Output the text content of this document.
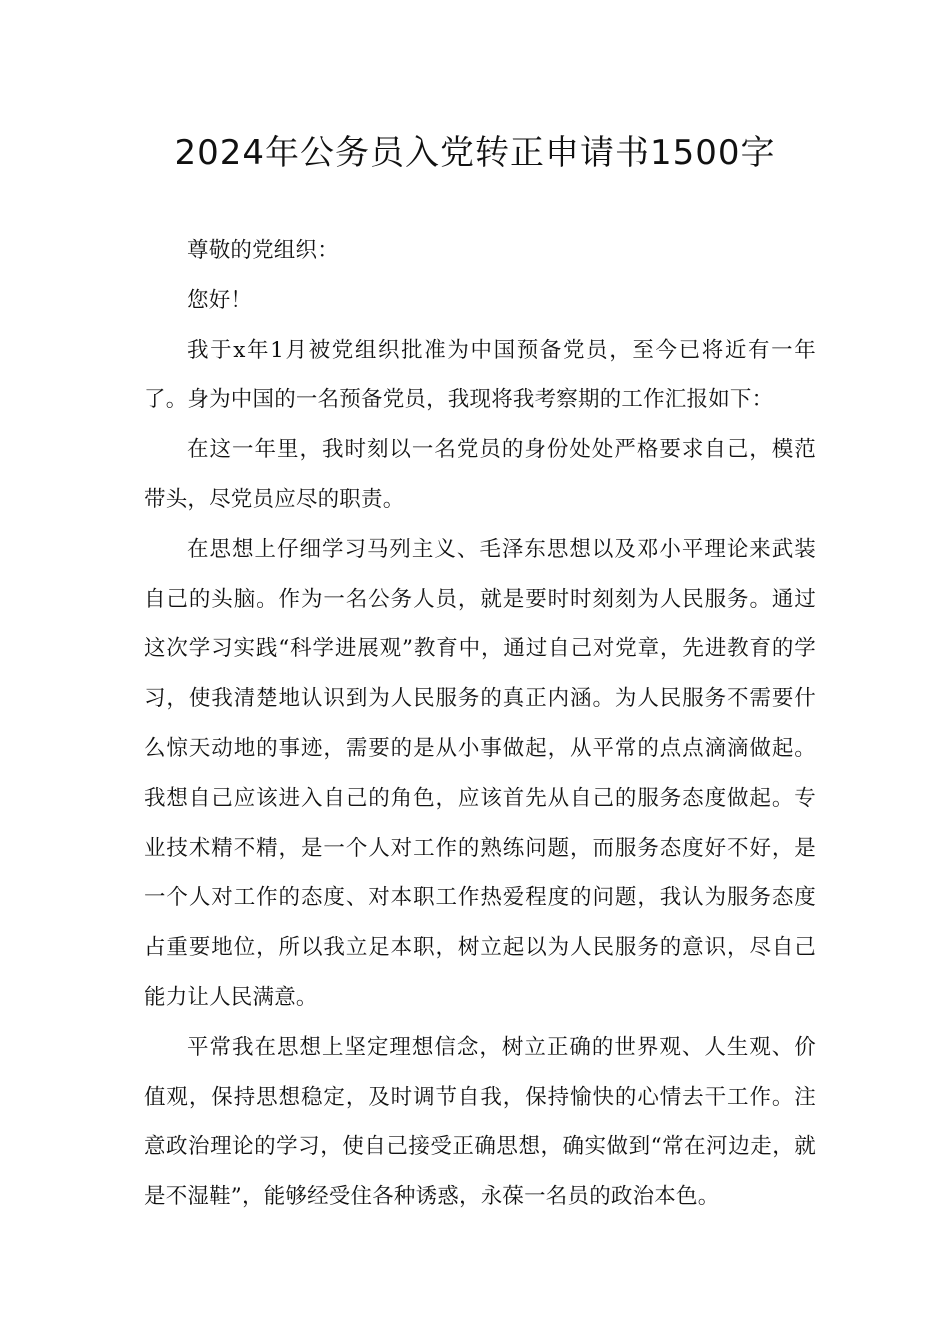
2024年公务员入党转正申请书1500字

尊敬的党组织：

您好！

我于x年1月被党组织批准为中国预备党员，至今已将近有一年了。身为中国的一名预备党员，我现将我考察期的工作汇报如下：

在这一年里，我时刻以一名党员的身份处处严格要求自己，模范带头，尽党员应尽的职责。

在思想上仔细学习马列主义、毛泽东思想以及邓小平理论来武装自己的头脑。作为一名公务人员，就是要时时刻刻为人民服务。通过这次学习实践“科学进展观”教育中，通过自己对党章，先进教育的学习，使我清楚地认识到为人民服务的真正内涵。为人民服务不需要什么惊天动地的事迹，需要的是从小事做起，从平常的点点滴滴做起。我想自己应该进入自己的角色，应该首先从自己的服务态度做起。专业技术精不精，是一个人对工作的熟练问题，而服务态度好不好，是一个人对工作的态度、对本职工作热爱程度的问题，我认为服务态度占重要地位，所以我立足本职，树立起以为人民服务的意识，尽自己能力让人民满意。

平常我在思想上坚定理想信念，树立正确的世界观、人生观、价值观，保持思想稳定，及时调节自我，保持愉快的心情去干工作。注意政治理论的学习，使自己接受正确思想，确实做到“常在河边走，就是不湿鞋”，能够经受住各种诱惑，永葆一名员的政治本色。
